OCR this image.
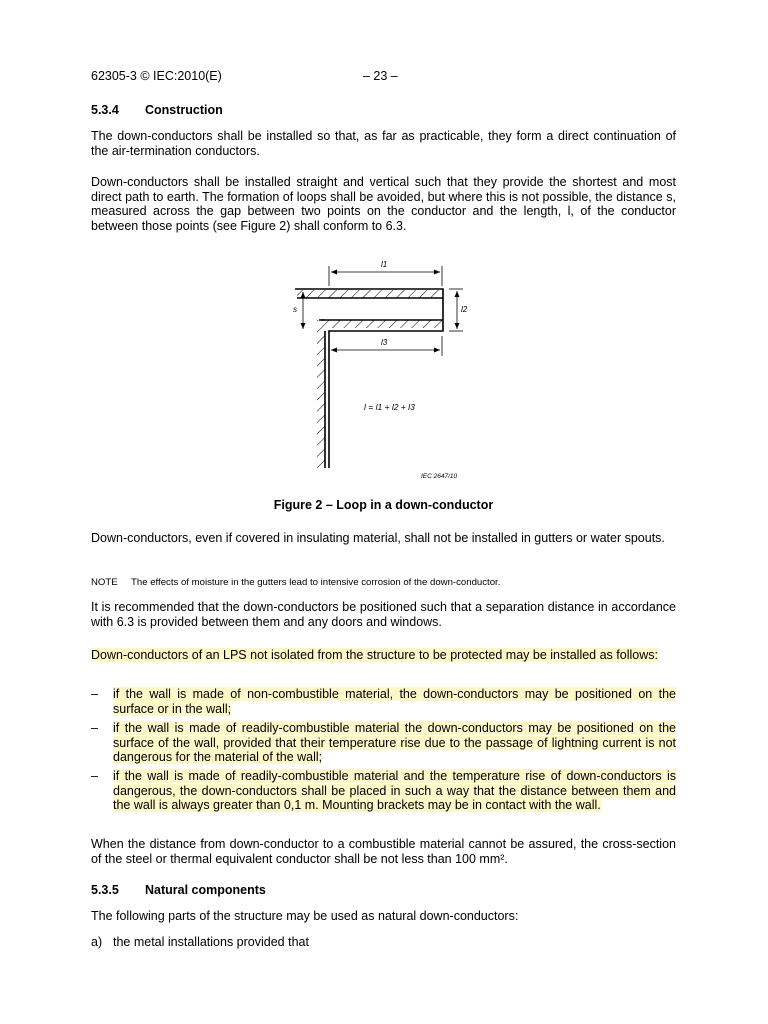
62305-3 © IEC:2010(E)	– 23 –
5.3.4 Construction

The down-conductors shall be installed so that, as far as practicable, they form a direct continuation of the air-termination conductors.

Down-conductors shall be installed straight and vertical such that they provide the shortest and most direct path to earth. The formation of loops shall be avoided, but where this is not possible, the distance s, measured across the gap between two points on the conductor and the length, l, of the conductor between those points (see Figure 2) shall conform to 6.3.

l1
l2
s
l3
l = l1 + l2 + l3
IEC 2647/10
Figure 2 – Loop in a down-conductor

Down-conductors, even if covered in insulating material, shall not be installed in gutters or water spouts.

NOTE The effects of moisture in the gutters lead to intensive corrosion of the down-conductor.

It is recommended that the down-conductors be positioned such that a separation distance in accordance with 6.3 is provided between them and any doors and windows.

Down-conductors of an LPS not isolated from the structure to be protected may be installed as follows:

– if the wall is made of non-combustible material, the down-conductors may be positioned on the surface or in the wall;
– if the wall is made of readily-combustible material the down-conductors may be positioned on the surface of the wall, provided that their temperature rise due to the passage of lightning current is not dangerous for the material of the wall;
– if the wall is made of readily-combustible material and the temperature rise of down-conductors is dangerous, the down-conductors shall be placed in such a way that the distance between them and the wall is always greater than 0,1 m. Mounting brackets may be in contact with the wall.

When the distance from down-conductor to a combustible material cannot be assured, the cross-section of the steel or thermal equivalent conductor shall be not less than 100 mm².

5.3.5 Natural components

The following parts of the structure may be used as natural down-conductors:

a) the metal installations provided that
